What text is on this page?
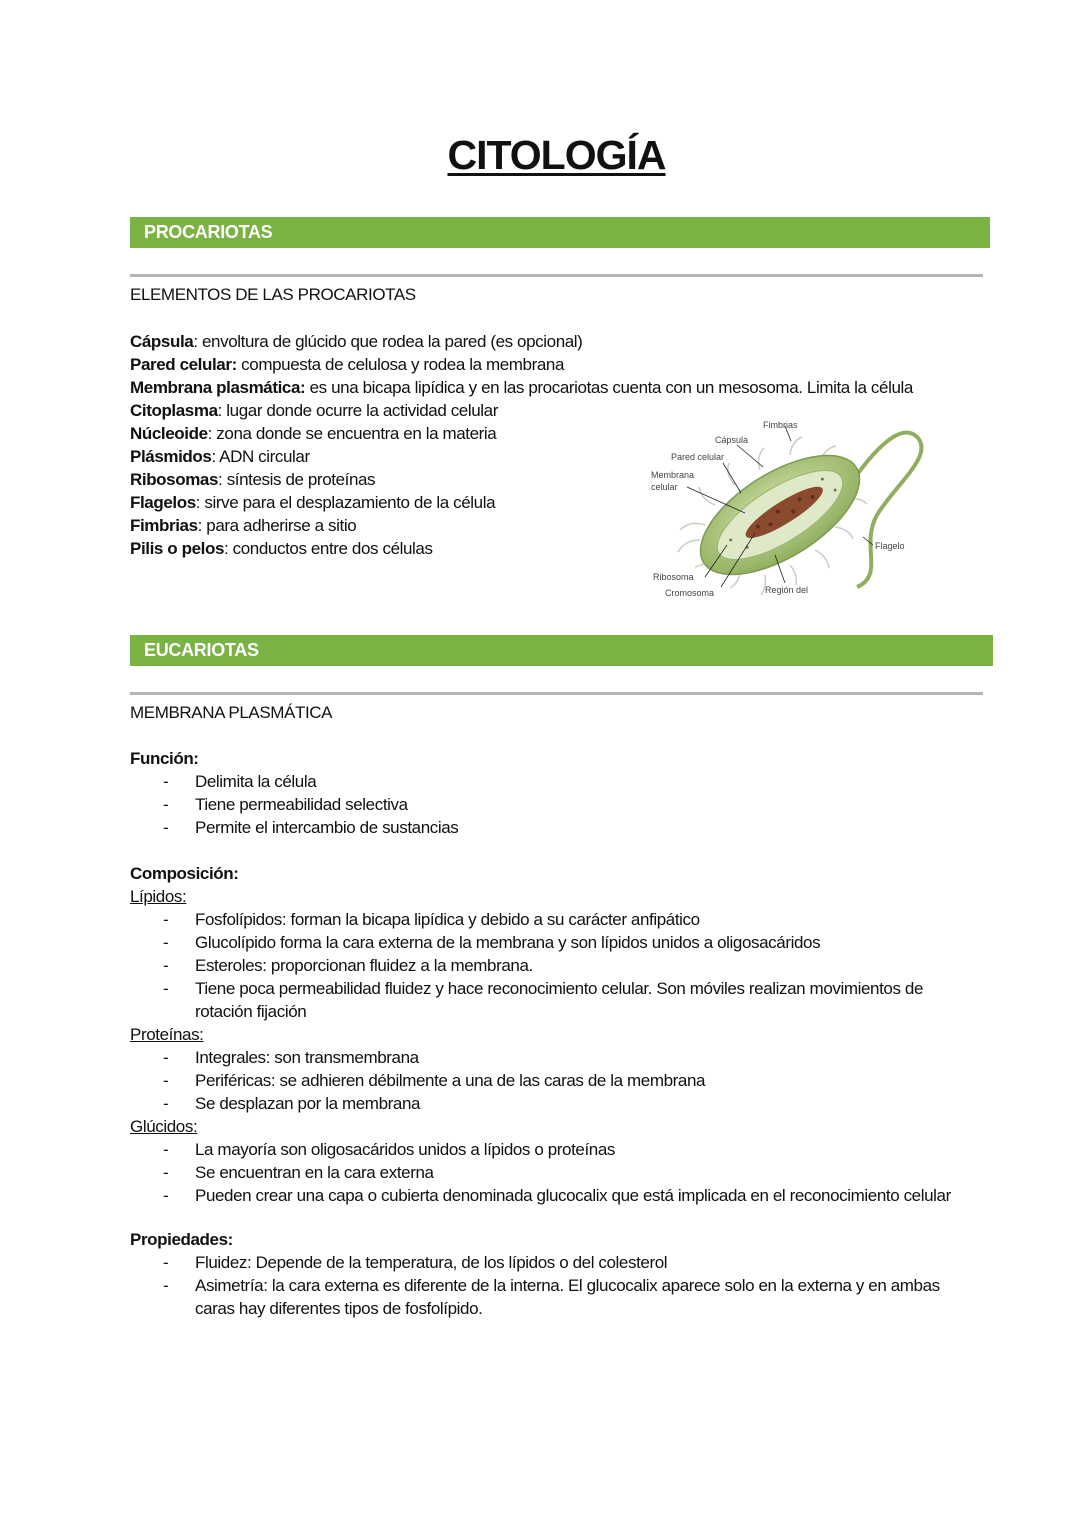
CITOLOGÍA
PROCARIOTAS
ELEMENTOS DE LAS PROCARIOTAS
Cápsula: envoltura de glúcido que rodea la pared (es opcional)
Pared celular: compuesta de celulosa y rodea la membrana
Membrana plasmática: es una bicapa lipídica y en las procariotas cuenta con un mesosoma. Limita la célula
Citoplasma: lugar donde ocurre la actividad celular
Núcleoide: zona donde se encuentra en la materia
Plásmidos: ADN circular
Ribosomas: síntesis de proteínas
Flagelos: sirve para el desplazamiento de la célula
Fimbrias: para adherirse a sitio
Pilis o pelos: conductos entre dos células
Fimbrias
Cápsula
Pared celular
Membrana
celular
Flagelo
Ribosoma
Cromosoma	Región del
EUCARIOTAS
MEMBRANA PLASMÁTICA
Función:
- Delimita la célula
- Tiene permeabilidad selectiva
- Permite el intercambio de sustancias
Composición:
Lípidos:
- Fosfolípidos: forman la bicapa lipídica y debido a su carácter anfipático
- Glucolípido forma la cara externa de la membrana y son lípidos unidos a oligosacáridos
- Esteroles: proporcionan fluidez a la membrana.
- Tiene poca permeabilidad fluidez y hace reconocimiento celular. Son móviles realizan movimientos de
rotación fijación
Proteínas:
- Integrales: son transmembrana
- Periféricas: se adhieren débilmente a una de las caras de la membrana
- Se desplazan por la membrana
Glúcidos:
- La mayoría son oligosacáridos unidos a lípidos o proteínas
- Se encuentran en la cara externa
- Pueden crear una capa o cubierta denominada glucocalix que está implicada en el reconocimiento celular
Propiedades:
- Fluidez: Depende de la temperatura, de los lípidos o del colesterol
- Asimetría: la cara externa es diferente de la interna. El glucocalix aparece solo en la externa y en ambas
caras hay diferentes tipos de fosfolípido.
